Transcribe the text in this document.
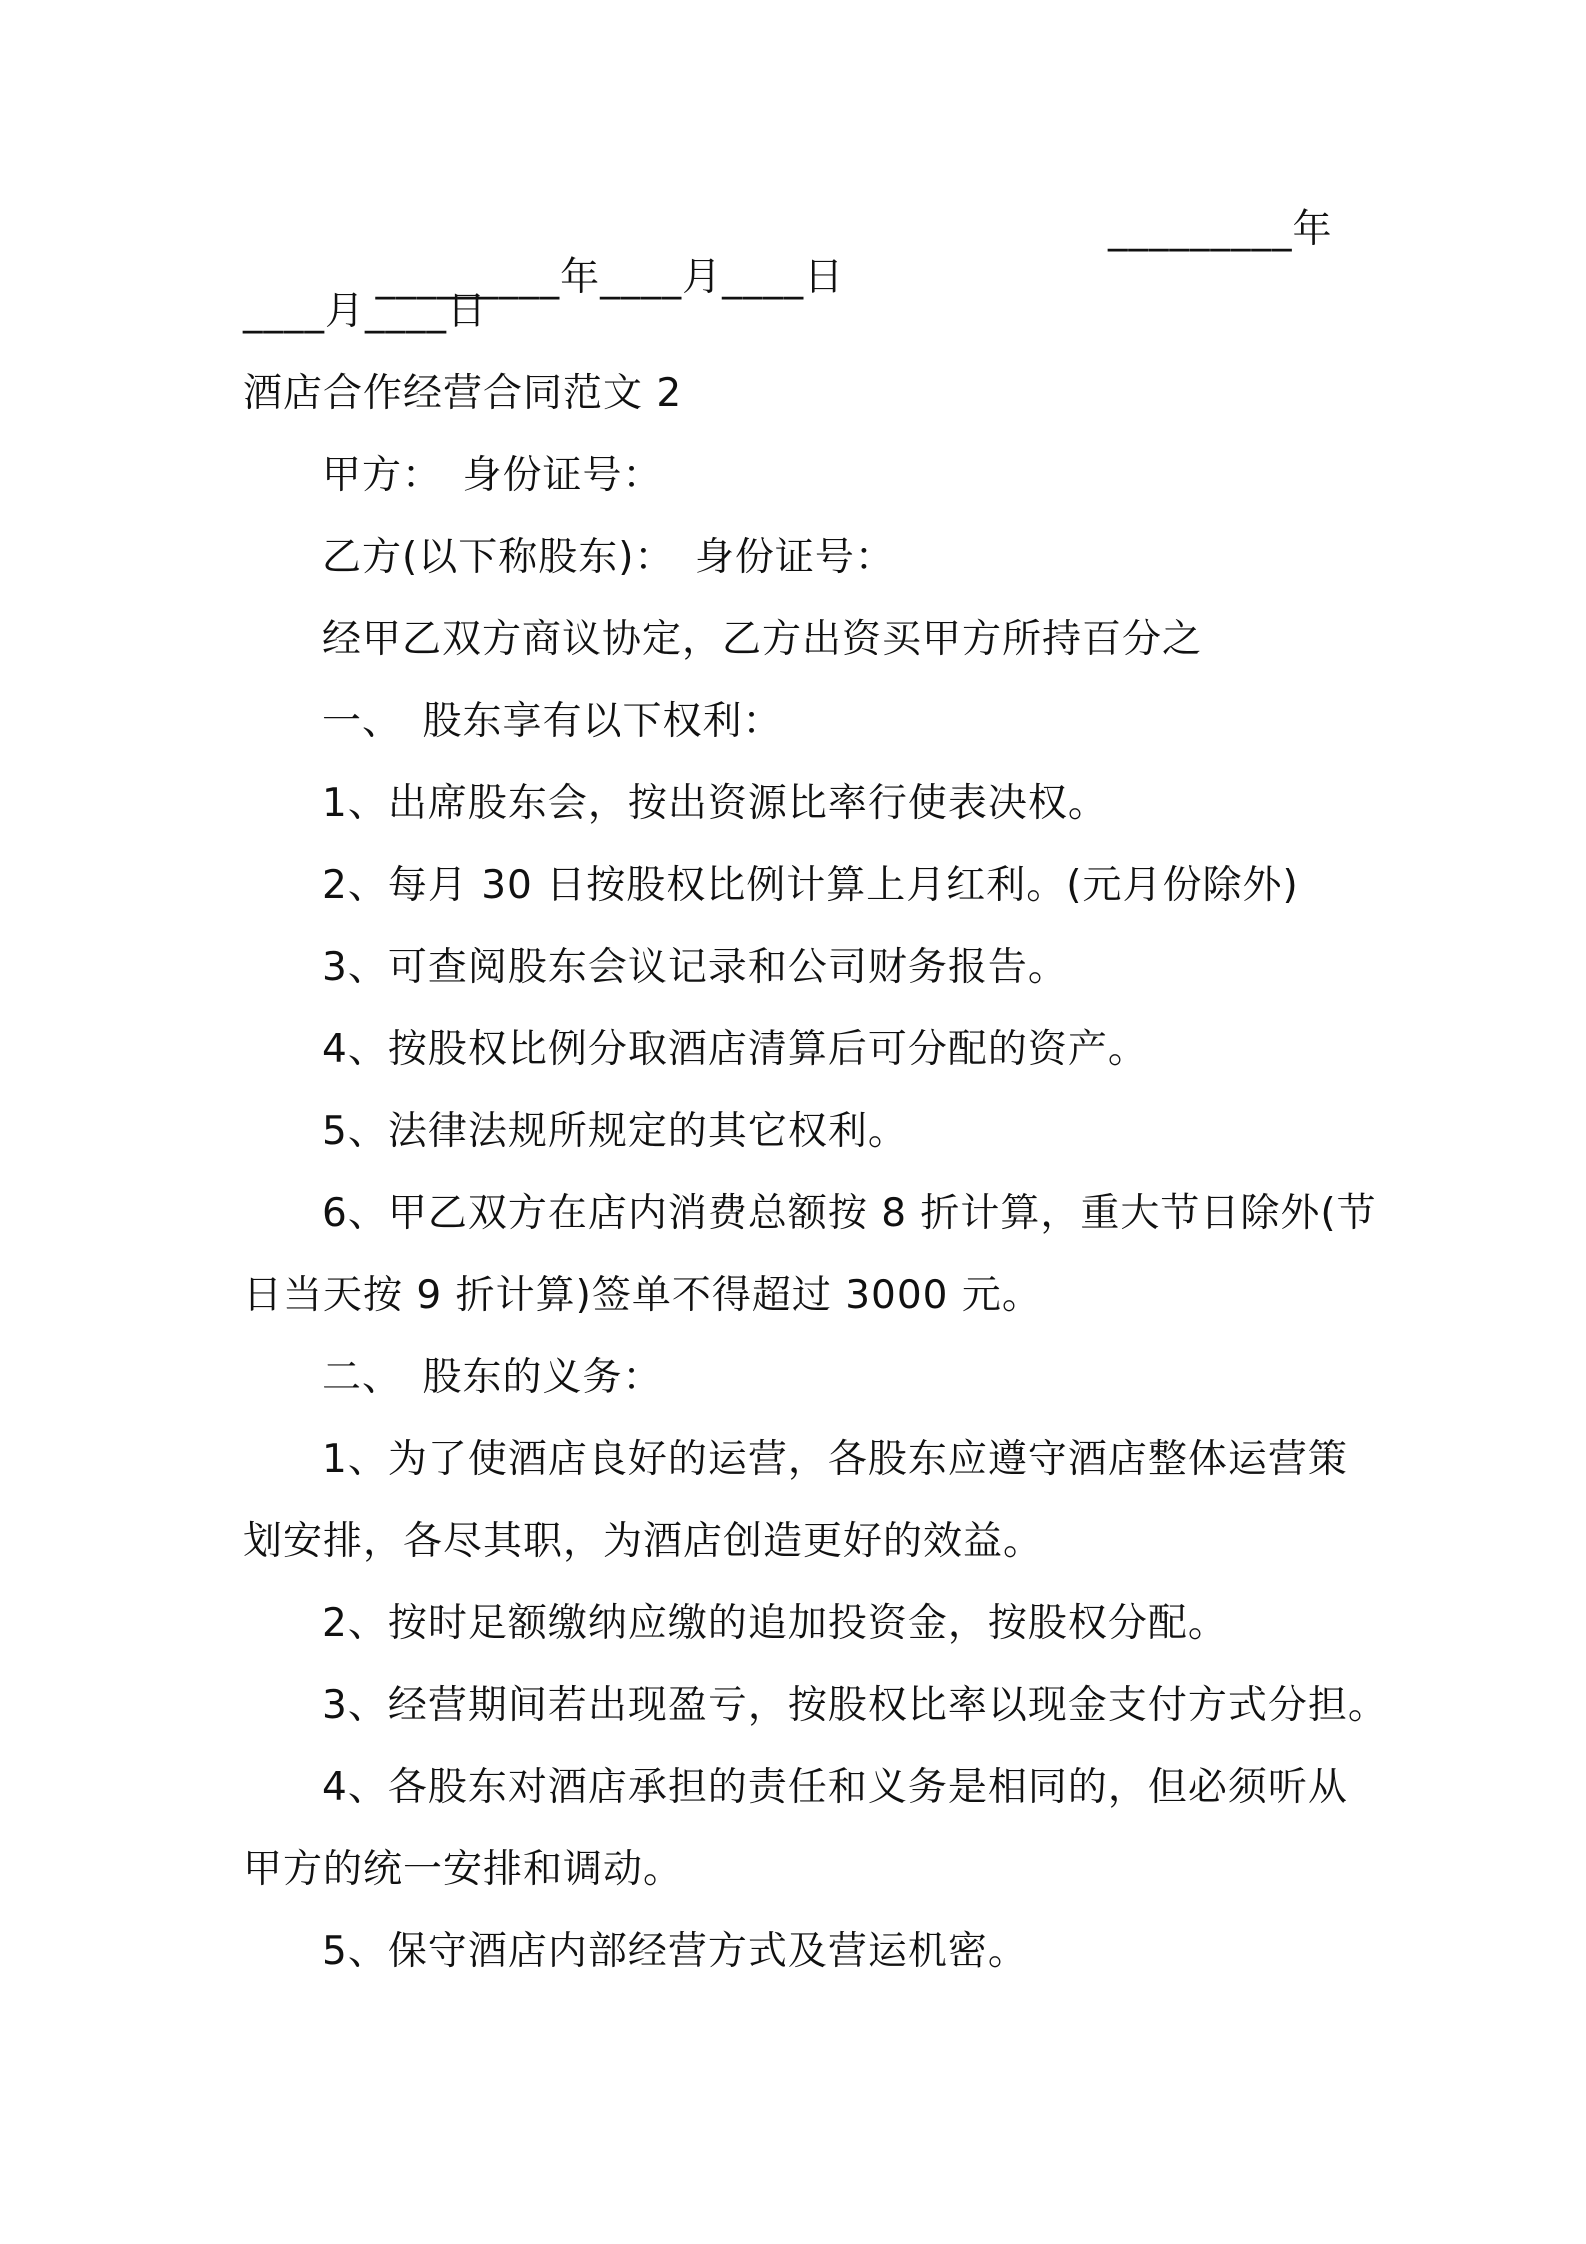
_________年____月____日

_________年
____月____日
酒店合作经营合同范文 2
甲方：　身份证号：
乙方(以下称股东)：　身份证号：
经甲乙双方商议协定，乙方出资买甲方所持百分之
一、　股东享有以下权利：
1、出席股东会，按出资源比率行使表决权。
2、每月 30 日按股权比例计算上月红利。(元月份除外)
3、可查阅股东会议记录和公司财务报告。
4、按股权比例分取酒店清算后可分配的资产。
5、法律法规所规定的其它权利。
6、甲乙双方在店内消费总额按 8 折计算，重大节日除外(节
日当天按 9 折计算)签单不得超过 3000 元。
二、　股东的义务：
1、为了使酒店良好的运营，各股东应遵守酒店整体运营策
划安排，各尽其职，为酒店创造更好的效益。
2、按时足额缴纳应缴的追加投资金，按股权分配。
3、经营期间若出现盈亏，按股权比率以现金支付方式分担。
4、各股东对酒店承担的责任和义务是相同的，但必须听从
甲方的统一安排和调动。
5、保守酒店内部经营方式及营运机密。
